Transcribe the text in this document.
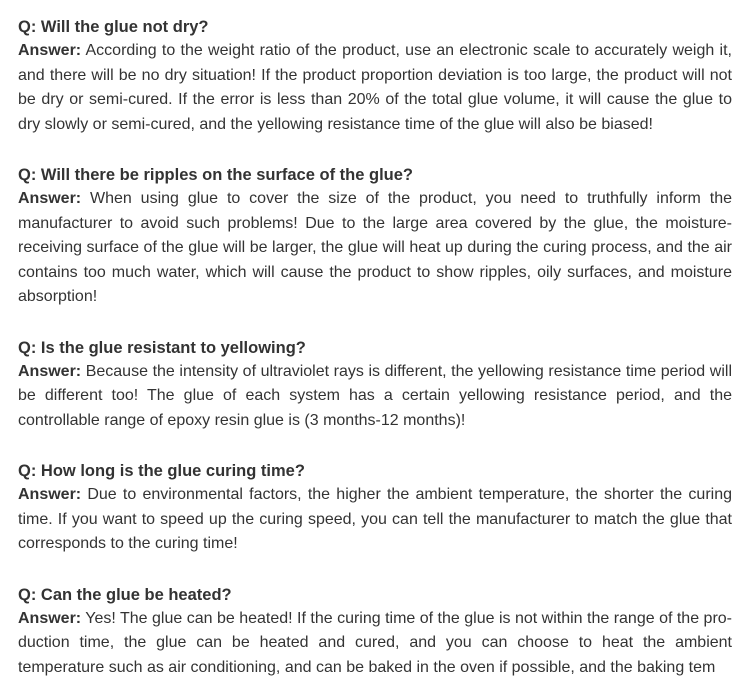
Q: Will the glue not dry?

Answer: According to the weight ratio of the product, use an electronic scale to accurately weigh it, and there will be no dry situation! If the product proportion deviation is too large, the product will not be dry or semi-cured. If the error is less than 20% of the total glue volume, it will cause the glue to dry slowly or semi-cured, and the yellowing resistance time of the glue will also be biased!

Q: Will there be ripples on the surface of the glue?

Answer: When using glue to cover the size of the product, you need to truthfully inform the manufacturer to avoid such problems! Due to the large area covered by the glue, the moisture-receiving surface of the glue will be larger, the glue will heat up during the curing process, and the air contains too much water, which will cause the product to show ripples, oily surfaces, and moisture absorption!

Q: Is the glue resistant to yellowing?

Answer: Because the intensity of ultraviolet rays is different, the yellowing resistance time period will be different too! The glue of each system has a certain yellowing resistance period, and the controllable range of epoxy resin glue is (3 months-12 months)!

Q: How long is the glue curing time?

Answer: Due to environmental factors, the higher the ambient temperature, the shorter the curing time. If you want to speed up the curing speed, you can tell the manufacturer to match the glue that corresponds to the curing time!

Q: Can the glue be heated?

Answer: Yes! The glue can be heated! If the curing time of the glue is not within the range of the production time, the glue can be heated and cured, and you can choose to heat the ambient temperature such as air conditioning, and can be baked in the oven if possible, and the baking tem
